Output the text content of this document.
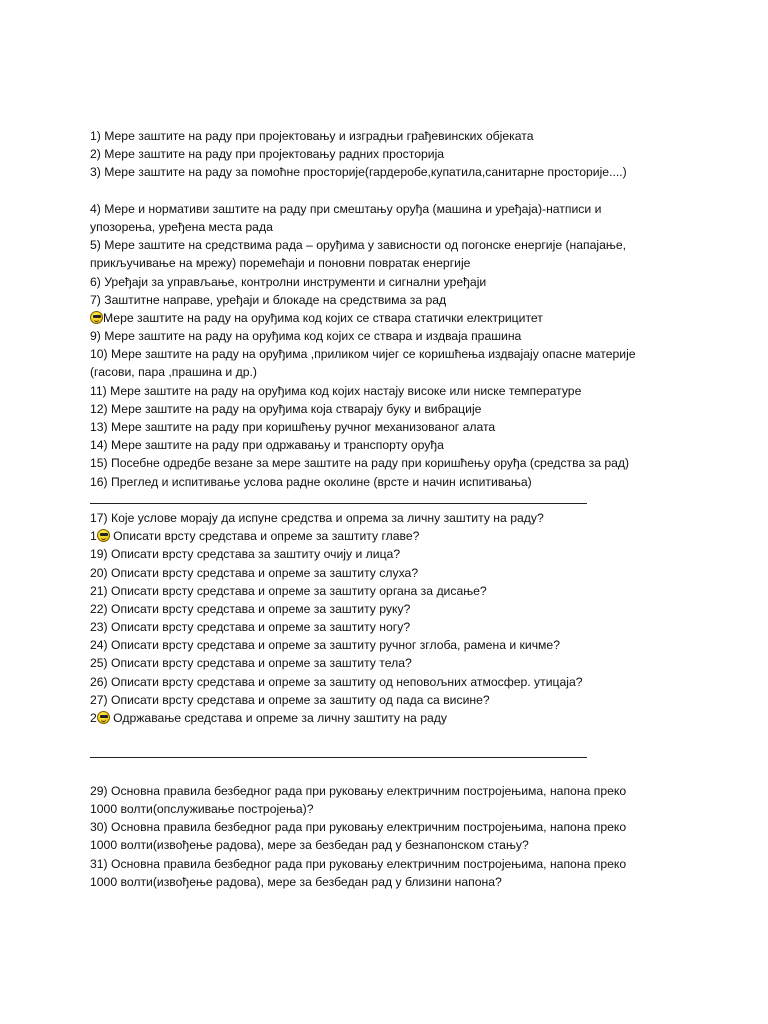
1) Мере заштите на раду при пројектовању и изградњи грађевинских објеката
2) Мере заштите на раду при пројектовању радних просторија
3) Мере заштите на раду за помоћне просторије(гардеробе,купатила,санитарне просторије....)
4) Мере и нормативи заштите на раду при смештању оруђа (машина и уређаја)-натписи и
упозорења, уређена места рада
5) Мере заштите на средствима рада – оруђима у зависности од погонске енергије (напајање,
прикључивање на мрежу) поремећаји и поновни повратак енергије
6) Уређаји за управљање, контролни инструменти и сигнални уређаји
7) Заштитне направе, уређаји и блокаде на средствима за рад
Мере заштите на раду на оруђима код којих се ствара статички електрицитет
9) Мере заштите на раду на оруђима код којих се ствара и издваја прашина
10) Мере заштите на раду на оруђима ,приликом чијег се коришћења издвајају опасне материје
(гасови, пара ,прашина и др.)
11) Мере заштите на раду на оруђима код којих настају високе или ниске температуре
12) Мере заштите на раду на оруђима која стварају буку и вибрације
13) Мере заштите на раду при коришћењу ручног механизованог алата
14) Мере заштите на раду при одржавању и транспорту оруђа
15) Посебне одредбе везане за мере заштите на раду при коришћењу оруђа (средства за рад)
16) Преглед и испитивање услова радне околине (врсте и начин испитивања)
17) Које услове морају да испуне средства и опрема за личну заштиту на раду?
1 Описати врсту средстава и опреме за заштиту главе?
19) Описати врсту средстава за заштиту очију и лица?
20) Описати врсту средстава и опреме за заштиту слуха?
21) Описати врсту средстава и опреме за заштиту органа за дисање?
22) Описати врсту средстава и опреме за заштиту руку?
23) Описати врсту средстава и опреме за заштиту ногу?
24) Описати врсту средстава и опреме за заштиту ручног зглоба, рамена и кичме?
25) Описати врсту средстава и опреме за заштиту тела?
26) Описати врсту средстава и опреме за заштиту од неповољних атмосфер. утицаја?
27) Описати врсту средстава и опреме за заштиту од пада са висине?
2 Одржавање средстава и опреме за личну заштиту на раду
29) Основна правила безбедног рада при руковању електричним постројењима, напона преко
1000 волти(опслуживање постројења)?
30) Основна правила безбедног рада при руковању електричним постројењима, напона преко
1000 волти(извођење радова), мере за безбедан рад у безнапонском стању?
31) Основна правила безбедног рада при руковању електричним постројењима, напона преко
1000 волти(извођење радова), мере за безбедан рад у близини напона?
